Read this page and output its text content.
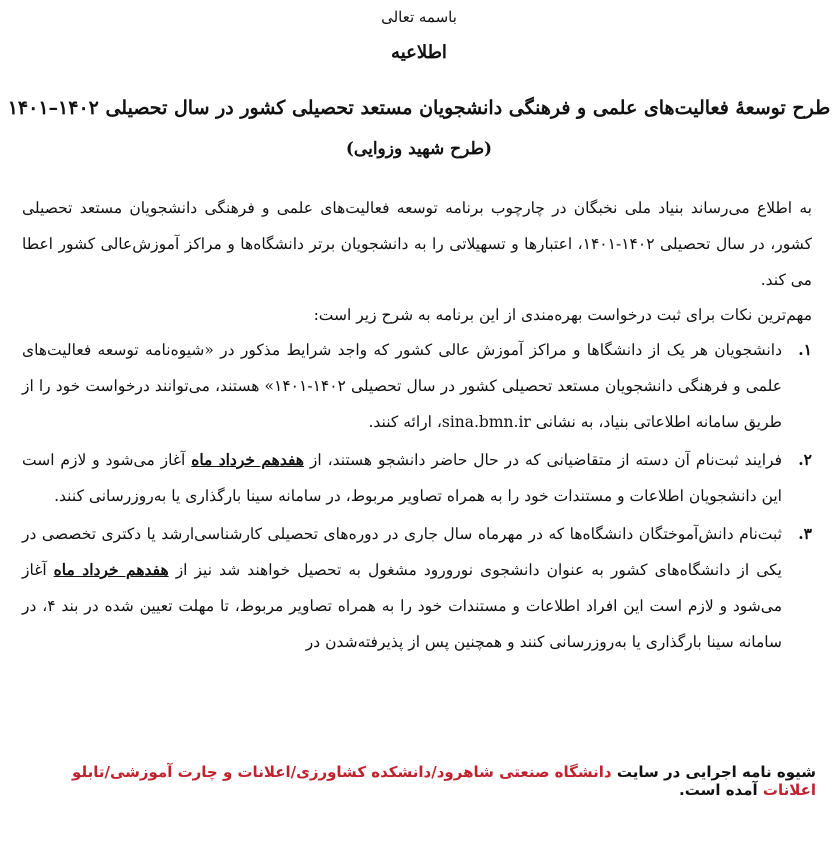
باسمه تعالی
اطلاعیه
طرح توسعهٔ فعالیت‌های علمی و فرهنگی دانشجویان مستعد تحصیلی کشور در سال تحصیلی ۱۴۰۲–۱۴۰۱
(طرح شهید وزوایی)

به اطلاع می‌رساند بنیاد ملی نخبگان در چارچوب برنامه توسعه فعالیت‌های علمی و فرهنگی دانشجویان مستعد تحصیلی کشور، در سال تحصیلی ۱۴۰۲-۱۴۰۱، اعتبارها و تسهیلاتی را به دانشجویان برتر دانشگاه‌ها و مراکز آموزش‌عالی کشور اعطا می کند.

مهم‌ترین نکات برای ثبت درخواست بهره‌مندی از این برنامه به شرح زیر است:

۱.
دانشجویان هر یک از دانشگاها و مراکز آموزش عالی کشور که واجد شرایط مذکور در «شیوه‌نامه توسعه فعالیت‌های علمی و فرهنگی دانشجویان مستعد تحصیلی کشور در سال تحصیلی ۱۴۰۲-۱۴۰۱» هستند، می‌توانند درخواست خود را از طریق سامانه اطلاعاتی بنیاد، به نشانی sina.bmn.ir، ارائه کنند.
۲.
فرایند ثبت‌نام آن دسته از متقاضیانی که در حال حاضر دانشجو هستند، از هفدهم خرداد ماه آغاز می‌شود و لازم است این دانشجویان اطلاعات و مستندات خود را به همراه تصاویر مربوط، در سامانه سینا بارگذاری یا به‌روزرسانی کنند.
۳.
ثبت‌نام دانش‌آموختگان دانشگاه‌ها که در مهرماه سال جاری در دوره‌های تحصیلی کارشناسی‌ارشد یا دکتری تخصصی در یکی از دانشگاه‌های کشور به عنوان دانشجوی نورورود مشغول به تحصیل خواهند شد نیز از هفدهم خرداد ماه آغاز می‌شود و لازم است این افراد اطلاعات و مستندات خود را به همراه تصاویر مربوط، تا مهلت تعیین شده در بند ۴، در سامانه سینا بارگذاری یا به‌روزرسانی کنند و همچنین پس از پذیرفته‌شدن در
شیوه نامه اجرایی در سایت دانشگاه صنعتی شاهرود/دانشکده کشاورزی/اعلانات و چارت آموزشی/تابلو اعلانات آمده است.
